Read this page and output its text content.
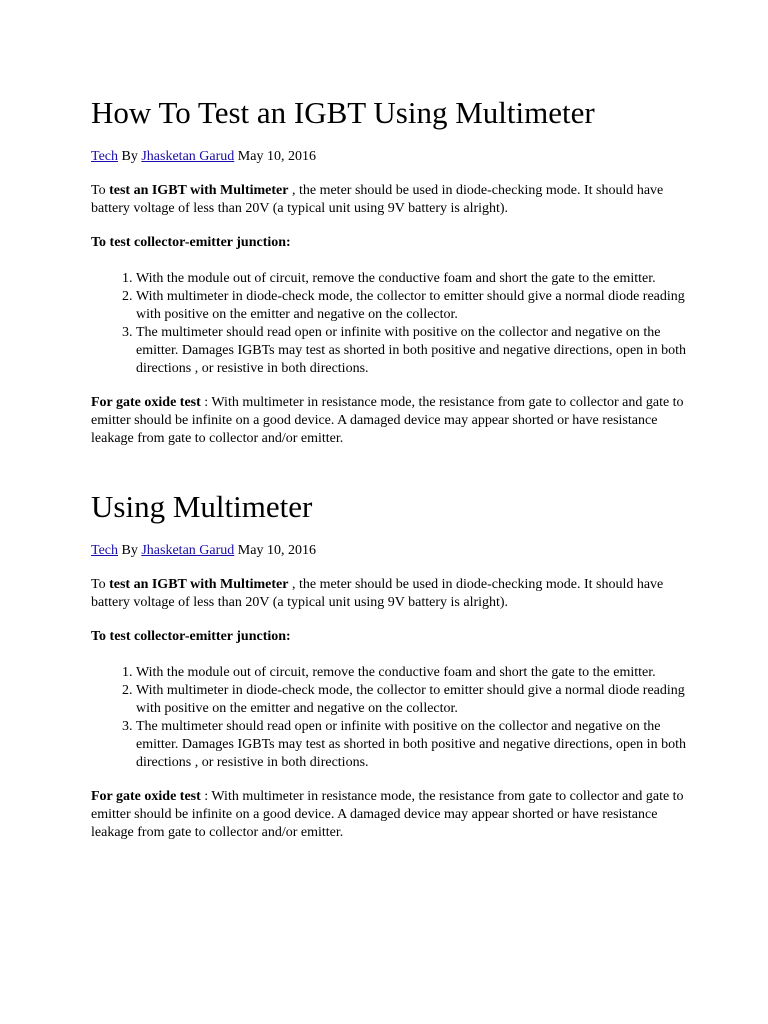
How To Test an IGBT Using Multimeter
Tech By Jhasketan Garud May 10, 2016

To test an IGBT with Multimeter , the meter should be used in diode-checking mode. It should have battery voltage of less than 20V (a typical unit using 9V battery is alright).

To test collector-emitter junction:

1. With the module out of circuit, remove the conductive foam and short the gate to the emitter.
2. With multimeter in diode-check mode, the collector to emitter should give a normal diode reading with positive on the emitter and negative on the collector.
3. The multimeter should read open or infinite with positive on the collector and negative on the emitter. Damages IGBTs may test as shorted in both positive and negative directions, open in both directions , or resistive in both directions.

For gate oxide test : With multimeter in resistance mode, the resistance from gate to collector and gate to emitter should be infinite on a good device. A damaged device may appear shorted or have resistance leakage from gate to collector and/or emitter.

Using Multimeter
Tech By Jhasketan Garud May 10, 2016

To test an IGBT with Multimeter , the meter should be used in diode-checking mode. It should have battery voltage of less than 20V (a typical unit using 9V battery is alright).

To test collector-emitter junction:

1. With the module out of circuit, remove the conductive foam and short the gate to the emitter.
2. With multimeter in diode-check mode, the collector to emitter should give a normal diode reading with positive on the emitter and negative on the collector.
3. The multimeter should read open or infinite with positive on the collector and negative on the emitter. Damages IGBTs may test as shorted in both positive and negative directions, open in both directions , or resistive in both directions.

For gate oxide test : With multimeter in resistance mode, the resistance from gate to collector and gate to emitter should be infinite on a good device. A damaged device may appear shorted or have resistance leakage from gate to collector and/or emitter.
